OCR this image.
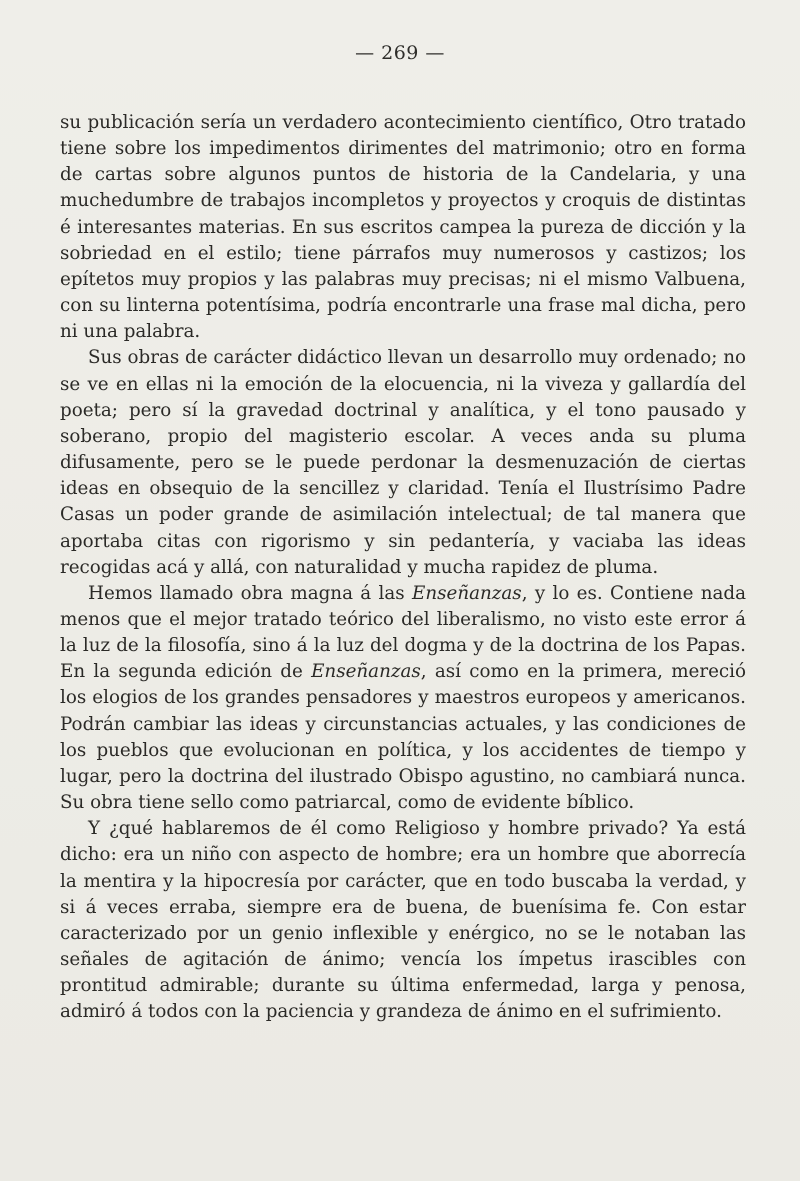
— 269 —

su publicación sería un verdadero acontecimiento científico, Otro tratado tiene sobre los impedimentos dirimentes del matrimonio; otro en forma de cartas sobre algunos puntos de historia de la Candelaria, y una muchedumbre de trabajos incompletos y proyectos y croquis de distintas é interesantes materias. En sus escritos campea la pureza de dicción y la sobriedad en el estilo; tiene párrafos muy numerosos y castizos; los epítetos muy propios y las palabras muy precisas; ni el mismo Valbuena, con su linterna potentísima, podría encontrarle una frase mal dicha, pero ni una palabra.

Sus obras de carácter didáctico llevan un desarrollo muy ordenado; no se ve en ellas ni la emoción de la elocuencia, ni la viveza y gallardía del poeta; pero sí la gravedad doctrinal y analítica, y el tono pausado y soberano, propio del magisterio escolar. A veces anda su pluma difusamente, pero se le puede perdonar la desmenuzación de ciertas ideas en obsequio de la sencillez y claridad. Tenía el Ilustrísimo Padre Casas un poder grande de asimilación intelectual; de tal manera que aportaba citas con rigorismo y sin pedantería, y vaciaba las ideas recogidas acá y allá, con naturalidad y mucha rapidez de pluma.

Hemos llamado obra magna á las Enseñanzas, y lo es. Contiene nada menos que el mejor tratado teórico del liberalismo, no visto este error á la luz de la filosofía, sino á la luz del dogma y de la doctrina de los Papas. En la segunda edición de Enseñanzas, así como en la primera, mereció los elogios de los grandes pensadores y maestros europeos y americanos. Podrán cambiar las ideas y circunstancias actuales, y las condiciones de los pueblos que evolucionan en política, y los accidentes de tiempo y lugar, pero la doctrina del ilustrado Obispo agustino, no cambiará nunca. Su obra tiene sello como patriarcal, como de evidente bíblico.

Y ¿qué hablaremos de él como Religioso y hombre privado? Ya está dicho: era un niño con aspecto de hombre; era un hombre que aborrecía la mentira y la hipocresía por carácter, que en todo buscaba la verdad, y si á veces erraba, siempre era de buena, de buenísima fe. Con estar caracterizado por un genio inflexible y enérgico, no se le notaban las señales de agitación de ánimo; vencía los ímpetus irascibles con prontitud admirable; durante su última enfermedad, larga y penosa, admiró á todos con la paciencia y grandeza de ánimo en el sufrimiento.
